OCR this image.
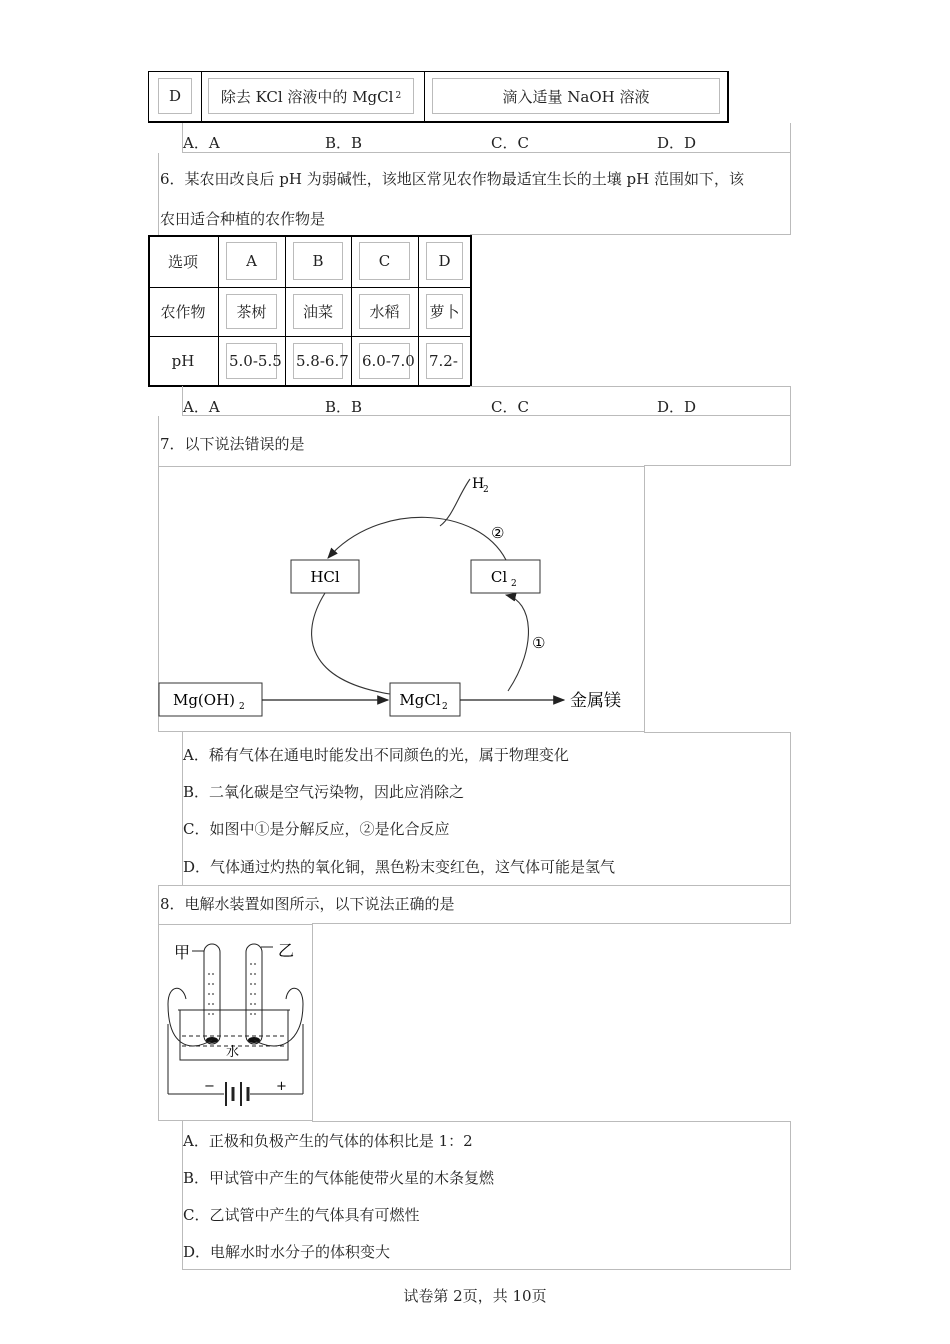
D	除去 KCl 溶液中的 MgCl 2	滴入适量 NaOH 溶液
A．A	B．B	C．C	D．D
6．某农田改良后 pH 为弱碱性，该地区常见农作物最适宜生长的土壤 pH 范围如下，该
农田适合种植的农作物是
选项	A	B	C	D
农作物	茶树	油菜	水稻	萝卜
pH	5.0-5.5 5.8-6.7 6.0-7.0 7.2-
A．A	B．B	C．C	D．D
7．以下说法错误的是
HCl	Cl 2
Mg(OH) 2	MgCl 2	金属镁
①
②
H
2
A．稀有气体在通电时能发出不同颜色的光，属于物理变化
B．二氧化碳是空气污染物，因此应消除之
C．如图中①是分解反应，②是化合反应
D．气体通过灼热的氧化铜，黑色粉末变红色，这气体可能是氢气
8．电解水装置如图所示，以下说法正确的是
甲	乙
水
−	+
A．正极和负极产生的气体的体积比是 1：2
B．甲试管中产生的气体能使带火星的木条复燃
C．乙试管中产生的气体具有可燃性
D．电解水时水分子的体积变大
试卷第 2页，共 10页
